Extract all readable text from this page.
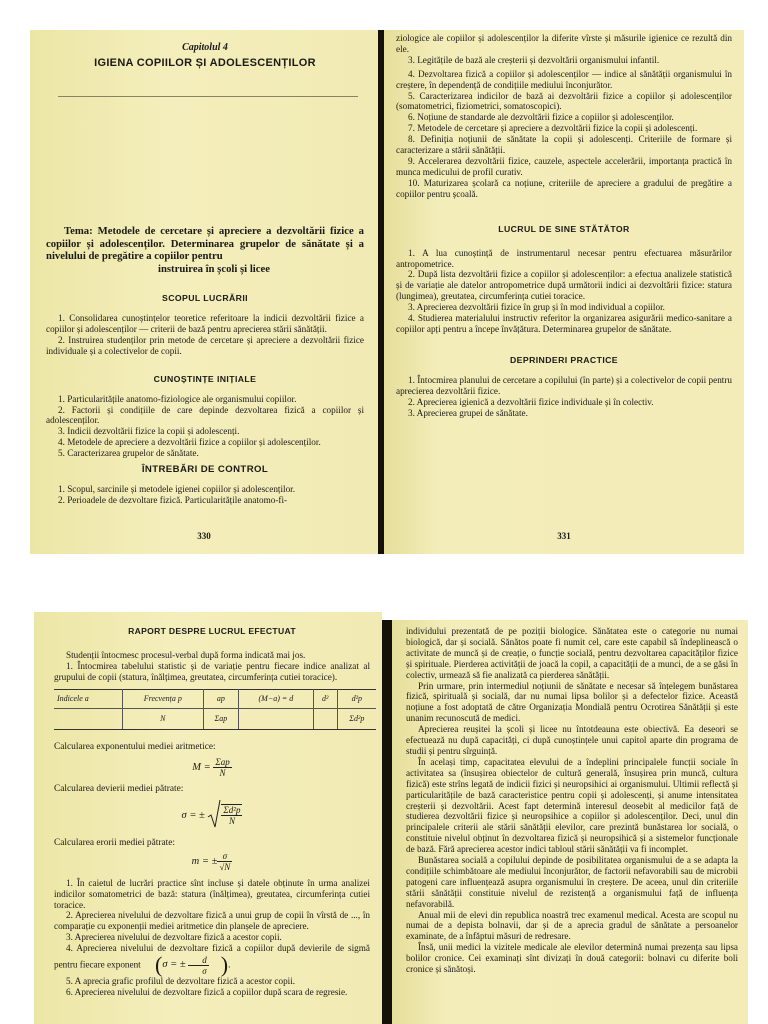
Capitolul 4

IGIENA COPIILOR ȘI ADOLESCENȚILOR

Tema: Metodele de cercetare și apreciere a dezvoltării fizice a copiilor și adolescenților. Determinarea grupelor de sănătate și a nivelului de pregătire a copiilor pentru
instruirea în școli și licee

SCOPUL LUCRĂRII

1. Consolidarea cunoștințelor teoretice referitoare la indicii dezvoltării fizice a copiilor și adolescenților — criterii de bază pentru aprecierea stării sănătății.

2. Instruirea studenților prin metode de cercetare și apreciere a dezvoltării fizice individuale și a colectivelor de copii.

CUNOȘTINȚE INIȚIALE

1. Particularitățile anatomo-fiziologice ale organismului copiilor.

2. Factorii și condițiile de care depinde dezvoltarea fizică a copiilor și adolescenților.

3. Indicii dezvoltării fizice la copii și adolescenți.

4. Metodele de apreciere a dezvoltării fizice a copiilor și adolescenților.

5. Caracterizarea grupelor de sănătate.

ÎNTREBĂRI DE CONTROL

1. Scopul, sarcinile și metodele igienei copiilor și adolescenților.

2. Perioadele de dezvoltare fizică. Particularitățile anatomo-fi-

330

ziologice ale copiilor și adolescenților la diferite vîrste și măsurile igienice ce rezultă din ele.

3. Legitățile de bază ale creșterii și dezvoltării organismului infantil.

4. Dezvoltarea fizică a copiilor și adolescenților — indice al sănătății organismului în creștere, în dependență de condițiile mediului înconjurător.

5. Caracterizarea indicilor de bază ai dezvoltării fizice a copiilor și adolescenților (somatometrici, fiziometrici, somatoscopici).

6. Noțiune de standarde ale dezvoltării fizice a copiilor și adolescenților.

7. Metodele de cercetare și apreciere a dezvoltării fizice la copii și adolescenți.

8. Definiția noțiunii de sănătate la copii și adolescenți. Criteriile de formare și caracterizare a stării sănătății.

9. Accelerarea dezvoltării fizice, cauzele, aspectele accelerării, importanța practică în munca medicului de profil curativ.

10. Maturizarea școlară ca noțiune, criteriile de apreciere a gradului de pregătire a copiilor pentru școală.

LUCRUL DE SINE STĂTĂTOR

1. A lua cunoștință de instrumentarul necesar pentru efectuarea măsurărilor antropometrice.

2. După lista dezvoltării fizice a copiilor și adolescenților: a efectua analizele statistică și de variație ale datelor antropometrice după următorii indici ai dezvoltării fizice: statura (lungimea), greutatea, circumferința cutiei toracice.

3. Aprecierea dezvoltării fizice în grup și în mod individual a copiilor.

4. Studierea materialului instructiv referitor la organizarea asigurării medico-sanitare a copiilor apți pentru a începe învățătura. Determinarea grupelor de sănătate.

DEPRINDERI PRACTICE

1. Întocmirea planului de cercetare a copilului (în parte) și a colectivelor de copii pentru aprecierea dezvoltării fizice.

2. Aprecierea igienică a dezvoltării fizice individuale și în colectiv.

3. Aprecierea grupei de sănătate.

331

RAPORT DESPRE LUCRUL EFECTUAT

Studenții întocmesc procesul-verbal după forma indicată mai jos.

1. Întocmirea tabelului statistic și de variație pentru fiecare indice analizat al grupului de copii (statura, înălțimea, greutatea, circumferința cutiei toracice).

Indicele a	Frecvența p	ap	(M−a) = d	d²	d²p
	N	Σap			Σd²p

Calcularea exponentului mediei aritmetice:

$M = \frac{\text{Σap}}{N}$

Calcularea devierii mediei pătrate:

σ = ± $\frac{\text{Σd²p}}{N}$

Calcularea erorii mediei pătrate:

m = ± $\frac{\sigma}{√N}$

1. În caietul de lucrări practice sînt incluse și datele obținute în urma analizei indicilor somatometrici de bază: statura (înălțimea), greutatea, circumferința cutiei toracice.

2. Aprecierea nivelului de dezvoltare fizică a unui grup de copii în vîrstă de ..., în comparație cu exponenții mediei aritmetice din planșele de apreciere.

3. Aprecierea nivelului de dezvoltare fizică a acestor copii.

4. Aprecierea nivelului de dezvoltare fizică a copiilor după devierile de sigmă pentru fiecare exponent (σ = ± $\frac{d}{\sigma}$ ).

5. A aprecia grafic profilul de dezvoltare fizică a acestor copii.

6. Aprecierea nivelului de dezvoltare fizică a copiilor după scara de regresie.

individului prezentată de pe poziții biologice. Sănătatea este o categorie nu numai biologică, dar și socială. Sănătos poate fi numit cel, care este capabil să îndeplinească o activitate de muncă și de creație, o funcție socială, pentru dezvoltarea capacităților fizice și spirituale. Pierderea activității de joacă la copil, a capacității de a munci, de a se găsi în colectiv, urmează să fie analizată ca pierderea sănătății.

Prin urmare, prin intermediul noțiunii de sănătate e necesar să înțelegem bunăstarea fizică, spirituală și socială, dar nu numai lipsa bolilor și a defectelor fizice. Această noțiune a fost adoptată de către Organizația Mondială pentru Ocrotirea Sănătății și este unanim recunoscută de medici.

Aprecierea reușitei la școli și licee nu întotdeauna este obiectivă. Ea deseori se efectuează nu după capacități, ci după cunoștințele unui capitol aparte din programa de studii și pentru sîrguință.

În același timp, capacitatea elevului de a îndeplini principalele funcții sociale în activitatea sa (însușirea obiectelor de cultură generală, însușirea prin muncă, cultura fizică) este strîns legată de indicii fizici și neuropsihici ai organismului. Ultimii reflectă și particularitățile de bază caracteristice pentru copii și adolescenți, și anume intensitatea creșterii și dezvoltării. Acest fapt determină interesul deosebit al medicilor față de studierea dezvoltării fizice și neuropsihice a copiilor și adolescenților. Deci, unul din principalele criterii ale stării sănătății elevilor, care prezintă bunăstarea lor socială, o constituie nivelul obținut în dezvoltarea fizică și neuropsihică și a sistemelor funcționale de bază. Fără aprecierea acestor indici tabloul stării sănătății va fi incomplet.

Bunăstarea socială a copilului depinde de posibilitatea organismului de a se adapta la condițiile schimbătoare ale mediului înconjurător, de factorii nefavorabili sau de microbii patogeni care influențează asupra organismului în creștere. De aceea, unul din criteriile stării sănătății constituie nivelul de rezistență a organismului față de influența nefavorabilă.

Anual mii de elevi din republica noastră trec examenul medical. Acesta are scopul nu numai de a depista bolnavii, dar și de a aprecia gradul de sănătate a persoanelor examinate, de a înfăptui măsuri de redresare.

Însă, unii medici la vizitele medicale ale elevilor determină numai prezența sau lipsa bolilor cronice. Cei examinați sînt divizați în două categorii: bolnavi cu diferite boli cronice și sănătoși.
